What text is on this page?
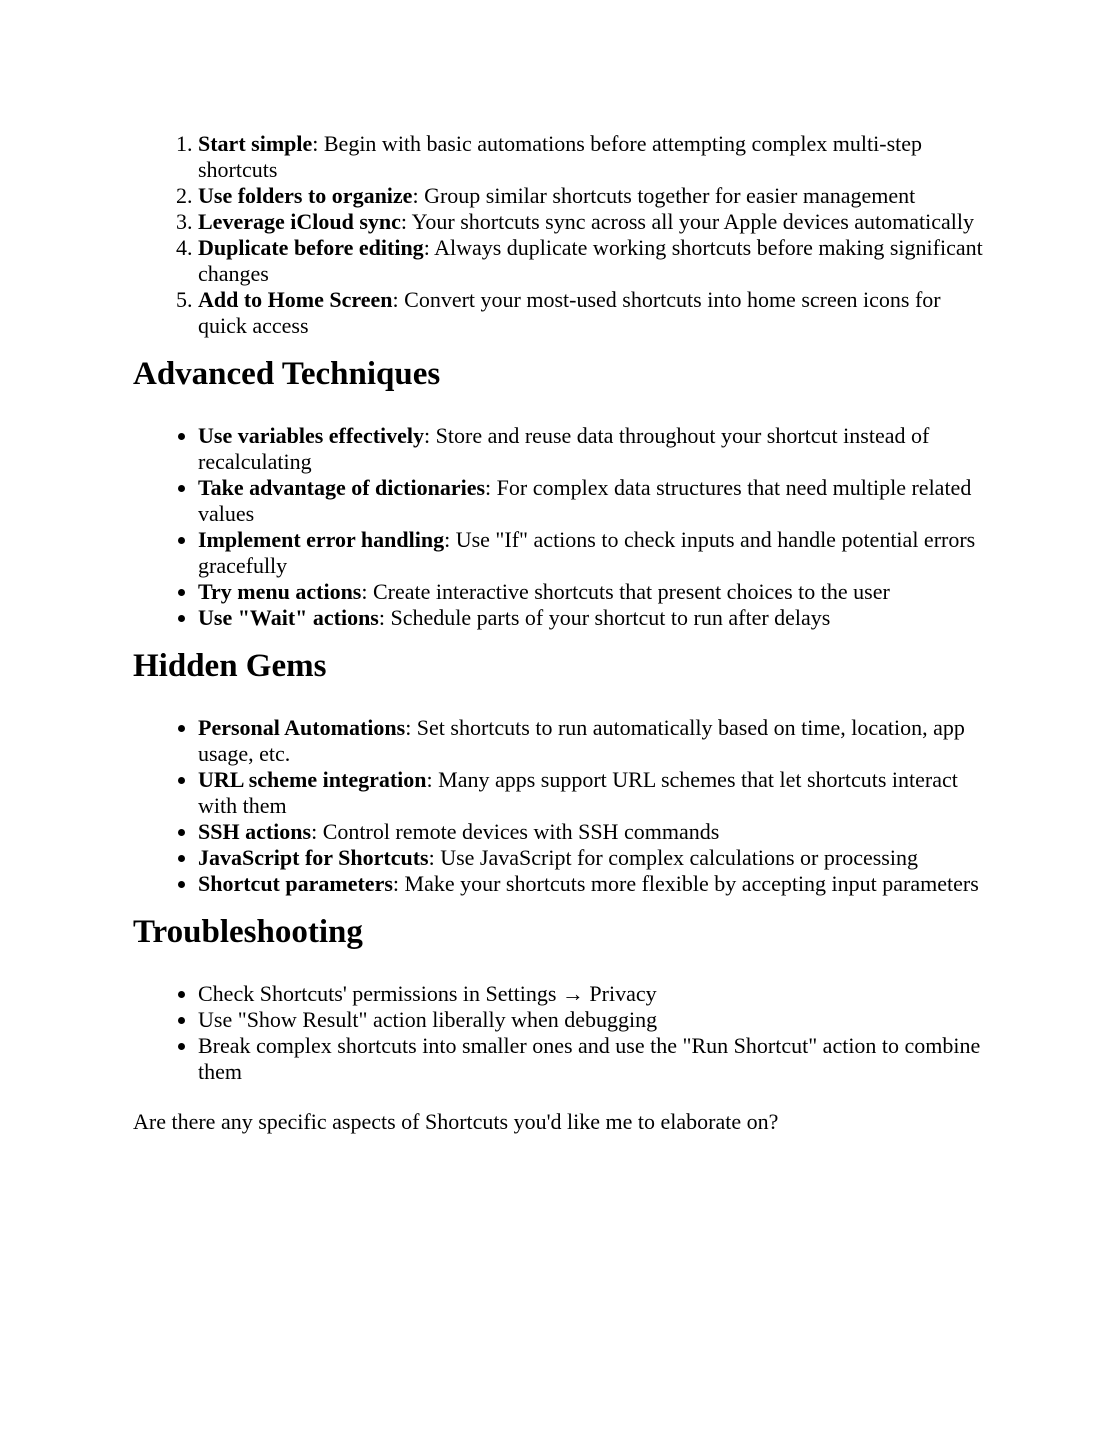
1. Start simple: Begin with basic automations before attempting complex multi-step shortcuts
2. Use folders to organize: Group similar shortcuts together for easier management
3. Leverage iCloud sync: Your shortcuts sync across all your Apple devices automatically
4. Duplicate before editing: Always duplicate working shortcuts before making significant changes
5. Add to Home Screen: Convert your most-used shortcuts into home screen icons for quick access
Advanced Techniques
• Use variables effectively: Store and reuse data throughout your shortcut instead of recalculating
• Take advantage of dictionaries: For complex data structures that need multiple related values
• Implement error handling: Use "If" actions to check inputs and handle potential errors gracefully
• Try menu actions: Create interactive shortcuts that present choices to the user
• Use "Wait" actions: Schedule parts of your shortcut to run after delays
Hidden Gems
• Personal Automations: Set shortcuts to run automatically based on time, location, app usage, etc.
• URL scheme integration: Many apps support URL schemes that let shortcuts interact with them
• SSH actions: Control remote devices with SSH commands
• JavaScript for Shortcuts: Use JavaScript for complex calculations or processing
• Shortcut parameters: Make your shortcuts more flexible by accepting input parameters
Troubleshooting
• Check Shortcuts' permissions in Settings → Privacy
• Use "Show Result" action liberally when debugging
• Break complex shortcuts into smaller ones and use the "Run Shortcut" action to combine them

Are there any specific aspects of Shortcuts you'd like me to elaborate on?
